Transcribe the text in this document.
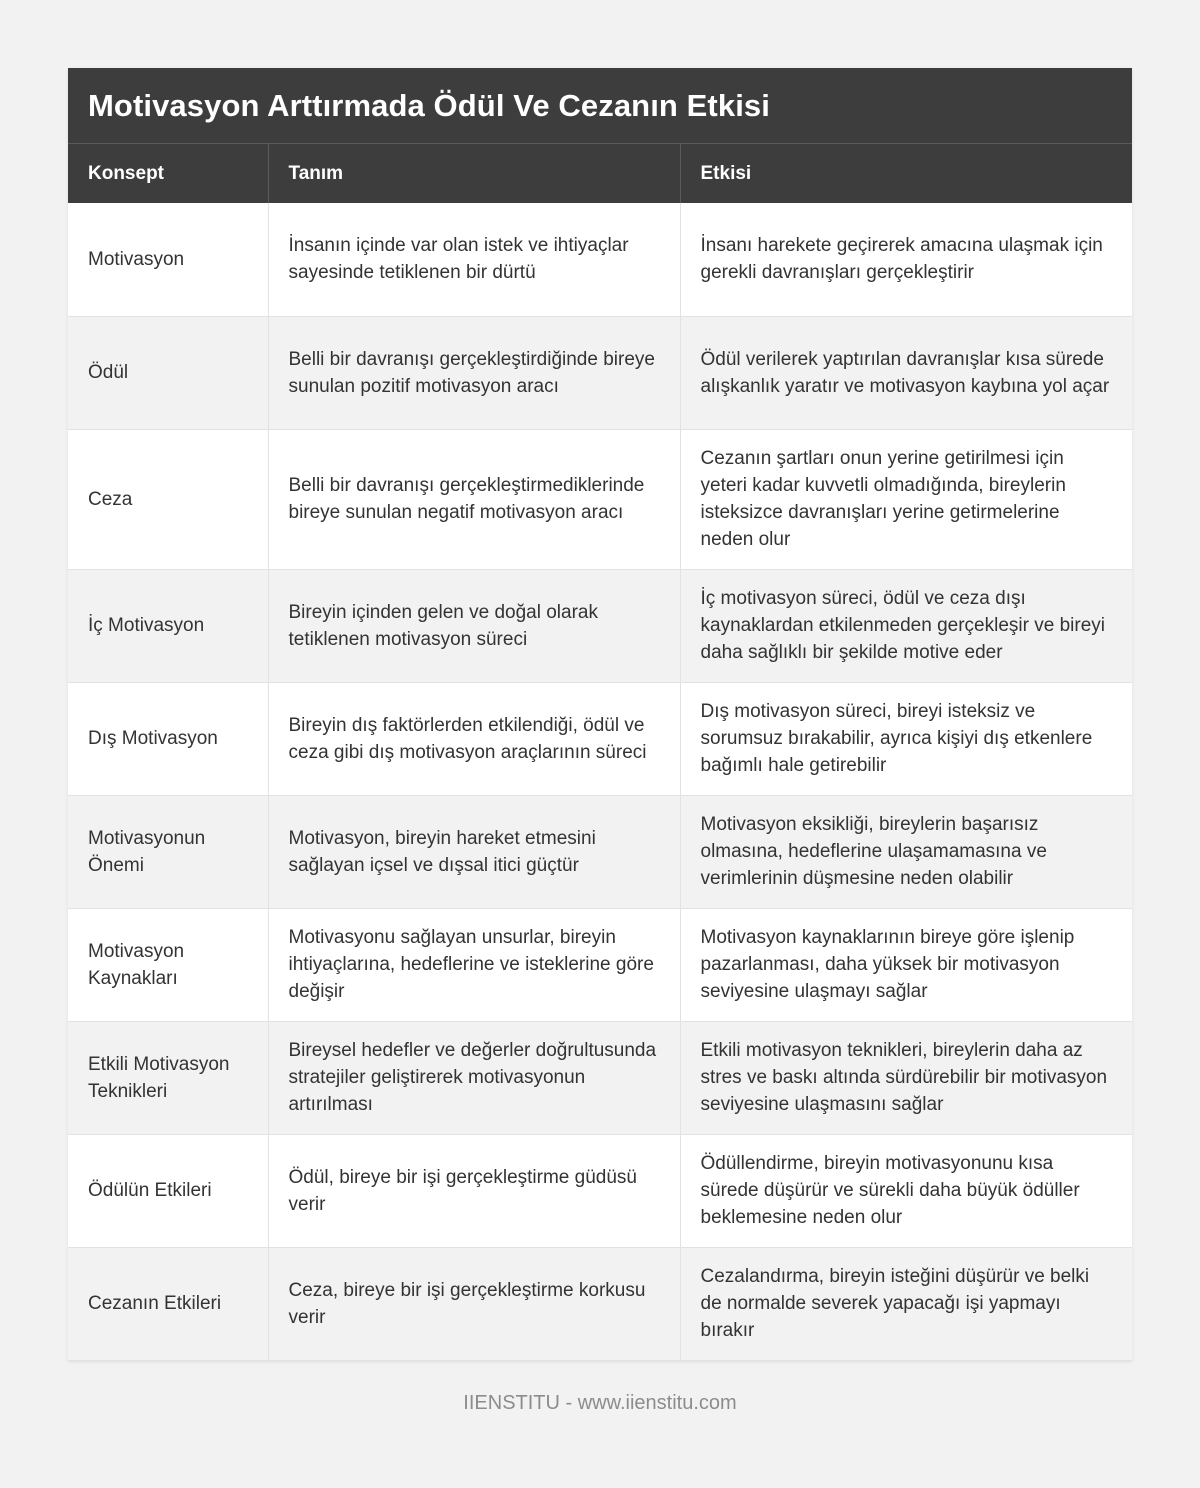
Motivasyon Arttırmada Ödül Ve Cezanın Etkisi
Konsept	Tanım	Etkisi
Motivasyon	İnsanın içinde var olan istek ve ihtiyaçlar sayesinde tetiklenen bir dürtü	İnsanı harekete geçirerek amacına ulaşmak için gerekli davranışları gerçekleştirir
Ödül	Belli bir davranışı gerçekleştirdiğinde bireye sunulan pozitif motivasyon aracı	Ödül verilerek yaptırılan davranışlar kısa sürede alışkanlık yaratır ve motivasyon kaybına yol açar
Ceza	Belli bir davranışı gerçekleştirmediklerinde bireye sunulan negatif motivasyon aracı	Cezanın şartları onun yerine getirilmesi için yeteri kadar kuvvetli olmadığında, bireylerin isteksizce davranışları yerine getirmelerine neden olur
İç Motivasyon	Bireyin içinden gelen ve doğal olarak tetiklenen motivasyon süreci	İç motivasyon süreci, ödül ve ceza dışı kaynaklardan etkilenmeden gerçekleşir ve bireyi daha sağlıklı bir şekilde motive eder
Dış Motivasyon	Bireyin dış faktörlerden etkilendiği, ödül ve ceza gibi dış motivasyon araçlarının süreci	Dış motivasyon süreci, bireyi isteksiz ve sorumsuz bırakabilir, ayrıca kişiyi dış etkenlere bağımlı hale getirebilir
Motivasyonun Önemi	Motivasyon, bireyin hareket etmesini sağlayan içsel ve dışsal itici güçtür	Motivasyon eksikliği, bireylerin başarısız olmasına, hedeflerine ulaşamamasına ve verimlerinin düşmesine neden olabilir
Motivasyon Kaynakları	Motivasyonu sağlayan unsurlar, bireyin ihtiyaçlarına, hedeflerine ve isteklerine göre değişir	Motivasyon kaynaklarının bireye göre işlenip pazarlanması, daha yüksek bir motivasyon seviyesine ulaşmayı sağlar
Etkili Motivasyon Teknikleri	Bireysel hedefler ve değerler doğrultusunda stratejiler geliştirerek motivasyonun artırılması	Etkili motivasyon teknikleri, bireylerin daha az stres ve baskı altında sürdürebilir bir motivasyon seviyesine ulaşmasını sağlar
Ödülün Etkileri	Ödül, bireye bir işi gerçekleştirme güdüsü verir	Ödüllendirme, bireyin motivasyonunu kısa sürede düşürür ve sürekli daha büyük ödüller beklemesine neden olur
Cezanın Etkileri	Ceza, bireye bir işi gerçekleştirme korkusu verir	Cezalandırma, bireyin isteğini düşürür ve belki de normalde severek yapacağı işi yapmayı bırakır
IIENSTITU - www.iienstitu.com
